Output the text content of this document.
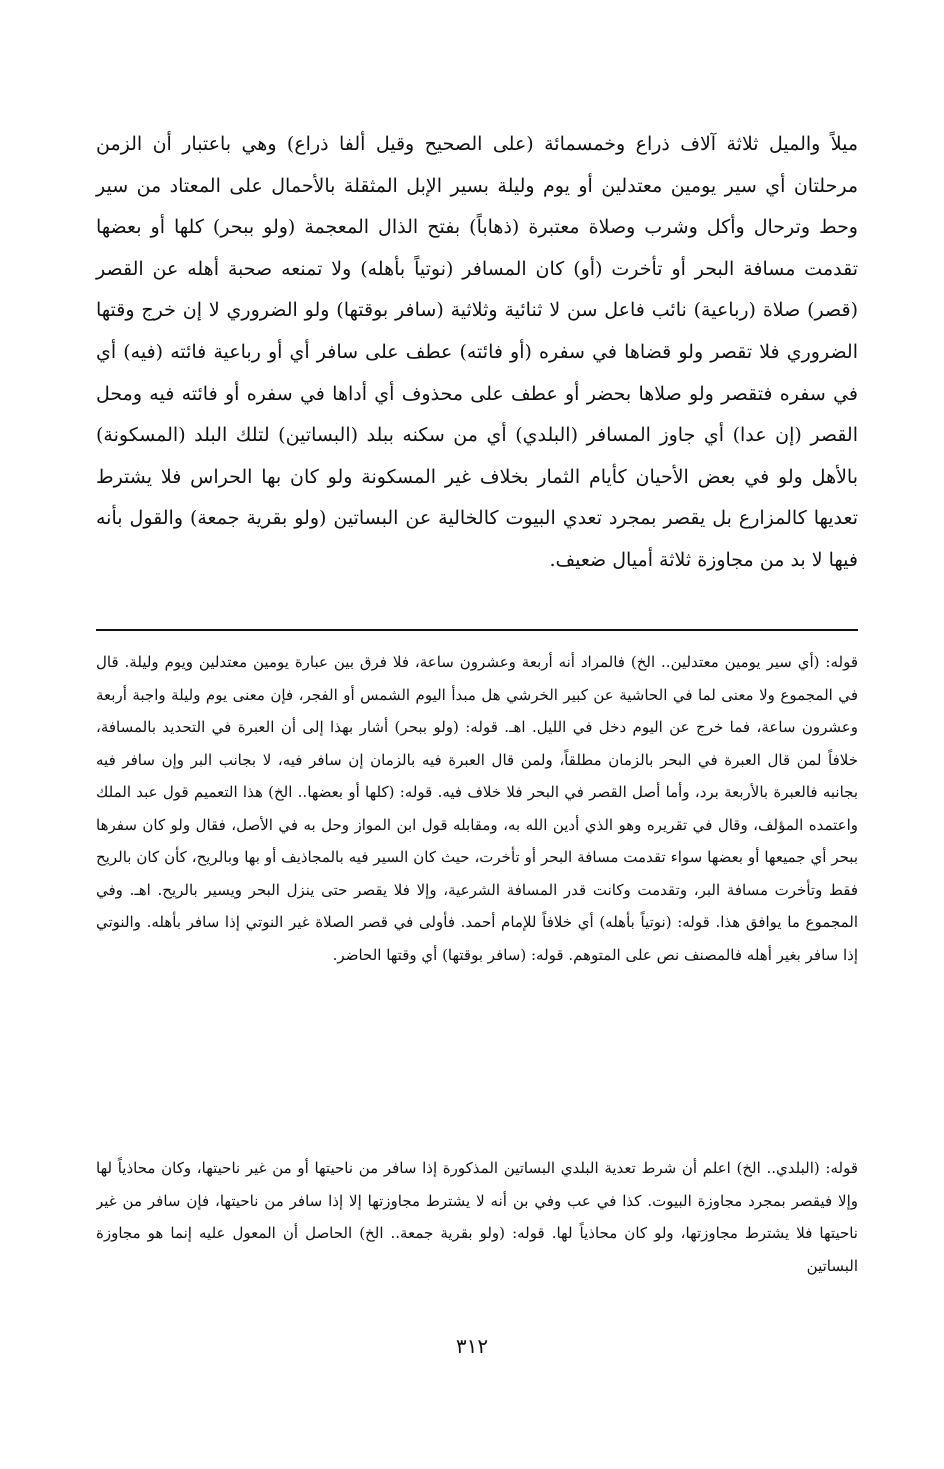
ميلاً والميل ثلاثة آلاف ذراع وخمسمائة (على الصحيح وقيل ألفا ذراع) وهي باعتبار أن الزمن مرحلتان أي سير يومين معتدلين أو يوم وليلة بسير الإبل المثقلة بالأحمال على المعتاد من سير وحط وترحال وأكل وشرب وصلاة معتبرة (ذهاباً) بفتح الذال المعجمة (ولو ببحر) كلها أو بعضها تقدمت مسافة البحر أو تأخرت (أو) كان المسافر (نوتياً بأهله) ولا تمنعه صحبة أهله عن القصر (قصر) صلاة (رباعية) نائب فاعل سن لا ثنائية وثلاثية (سافر بوقتها) ولو الضروري لا إن خرج وقتها الضروري فلا تقصر ولو قضاها في سفره (أو فائته) عطف على سافر أي أو رباعية فائته (فيه) أي في سفره فتقصر ولو صلاها بحضر أو عطف على محذوف أي أداها في سفره أو فائته فيه ومحل القصر (إن عدا) أي جاوز المسافر (البلدي) أي من سكنه ببلد (البساتين) لتلك البلد (المسكونة) بالأهل ولو في بعض الأحيان كأيام الثمار بخلاف غير المسكونة ولو كان بها الحراس فلا يشترط تعديها كالمزارع بل يقصر بمجرد تعدي البيوت كالخالية عن البساتين (ولو بقرية جمعة) والقول بأنه فيها لا بد من مجاوزة ثلاثة أميال ضعيف.

قوله: (أي سير يومين معتدلين.. الخ) فالمراد أنه أربعة وعشرون ساعة، فلا فرق بين عبارة يومين معتدلين ويوم وليلة. قال في المجموع ولا معنى لما في الحاشية عن كبير الخرشي هل مبدأ اليوم الشمس أو الفجر، فإن معنى يوم وليلة واجبة أربعة وعشرون ساعة، فما خرج عن اليوم دخل في الليل. اهـ. قوله: (ولو ببحر) أشار بهذا إلى أن العبرة في التحديد بالمسافة، خلافاً لمن قال العبرة في البحر بالزمان مطلقاً، ولمن قال العبرة فيه بالزمان إن سافر فيه، لا بجانب البر وإن سافر فيه بجانبه فالعبرة بالأربعة برد، وأما أصل القصر في البحر فلا خلاف فيه. قوله: (كلها أو بعضها.. الخ) هذا التعميم قول عبد الملك واعتمده المؤلف، وقال في تقريره وهو الذي أدين الله به، ومقابله قول ابن المواز وحل به في الأصل، فقال ولو كان سفرها ببحر أي جميعها أو بعضها سواء تقدمت مسافة البحر أو تأخرت، حيث كان السير فيه بالمجاذيف أو بها وبالريح، كأن كان بالريح فقط وتأخرت مسافة البر، وتقدمت وكانت قدر المسافة الشرعية، وإلا فلا يقصر حتى ينزل البحر ويسير بالريح. اهـ. وفي المجموع ما يوافق هذا. قوله: (نوتياً بأهله) أي خلافاً للإمام أحمد. فأولى في قصر الصلاة غير النوتي إذا سافر بأهله. والنوتي إذا سافر بغير أهله فالمصنف نص على المتوهم. قوله: (سافر بوقتها) أي وقتها الحاضر.

قوله: (البلدي.. الخ) اعلم أن شرط تعدية البلدي البساتين المذكورة إذا سافر من ناحيتها أو من غير ناحيتها، وكان محاذياً لها وإلا فيقصر بمجرد مجاوزة البيوت. كذا في عب وفي بن أنه لا يشترط مجاوزتها إلا إذا سافر من ناحيتها، فإن سافر من غير ناحيتها فلا يشترط مجاوزتها، ولو كان محاذياً لها. قوله: (ولو بقرية جمعة.. الخ) الحاصل أن المعول عليه إنما هو مجاوزة البساتين

٣١٢
